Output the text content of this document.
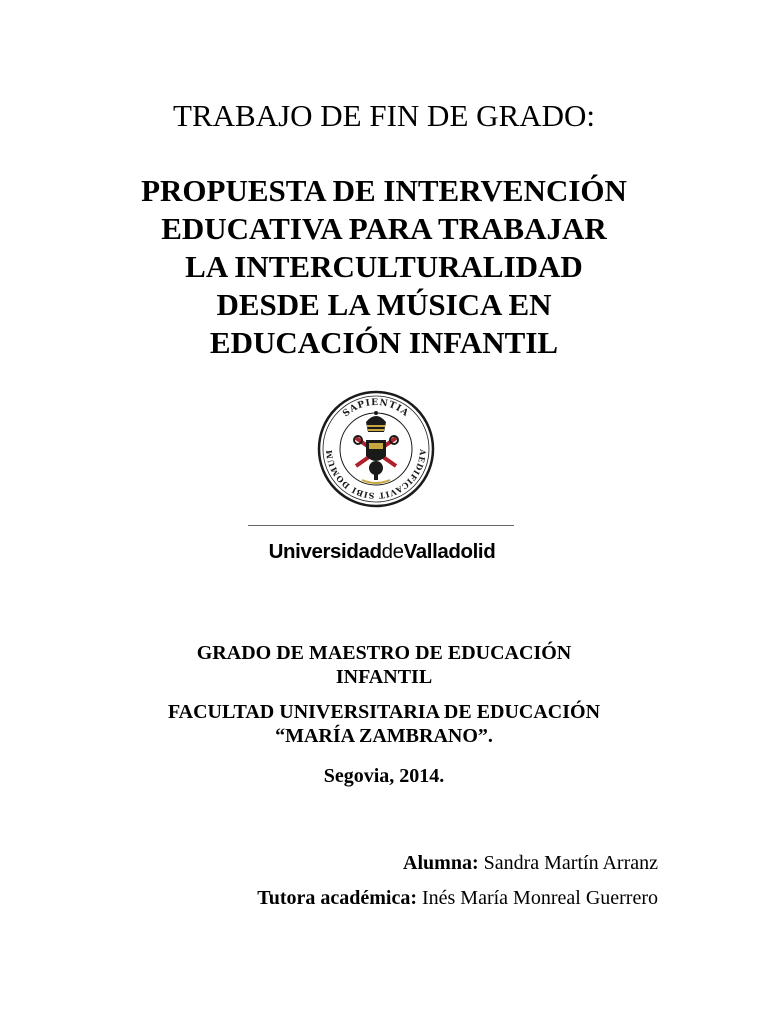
TRABAJO DE FIN DE GRADO:
PROPUESTA DE INTERVENCIÓN
EDUCATIVA PARA TRABAJAR
LA INTERCULTURALIDAD
DESDE LA MÚSICA EN
EDUCACIÓN INFANTIL
SAPIENTIA
AEDIFICAVIT SIBI DOMUM
UniversidaddeValladolid
GRADO DE MAESTRO DE EDUCACIÓN
INFANTIL
FACULTAD UNIVERSITARIA DE EDUCACIÓN
“MARÍA ZAMBRANO”.
Segovia, 2014.
Alumna: Sandra Martín Arranz
Tutora académica: Inés María Monreal Guerrero
